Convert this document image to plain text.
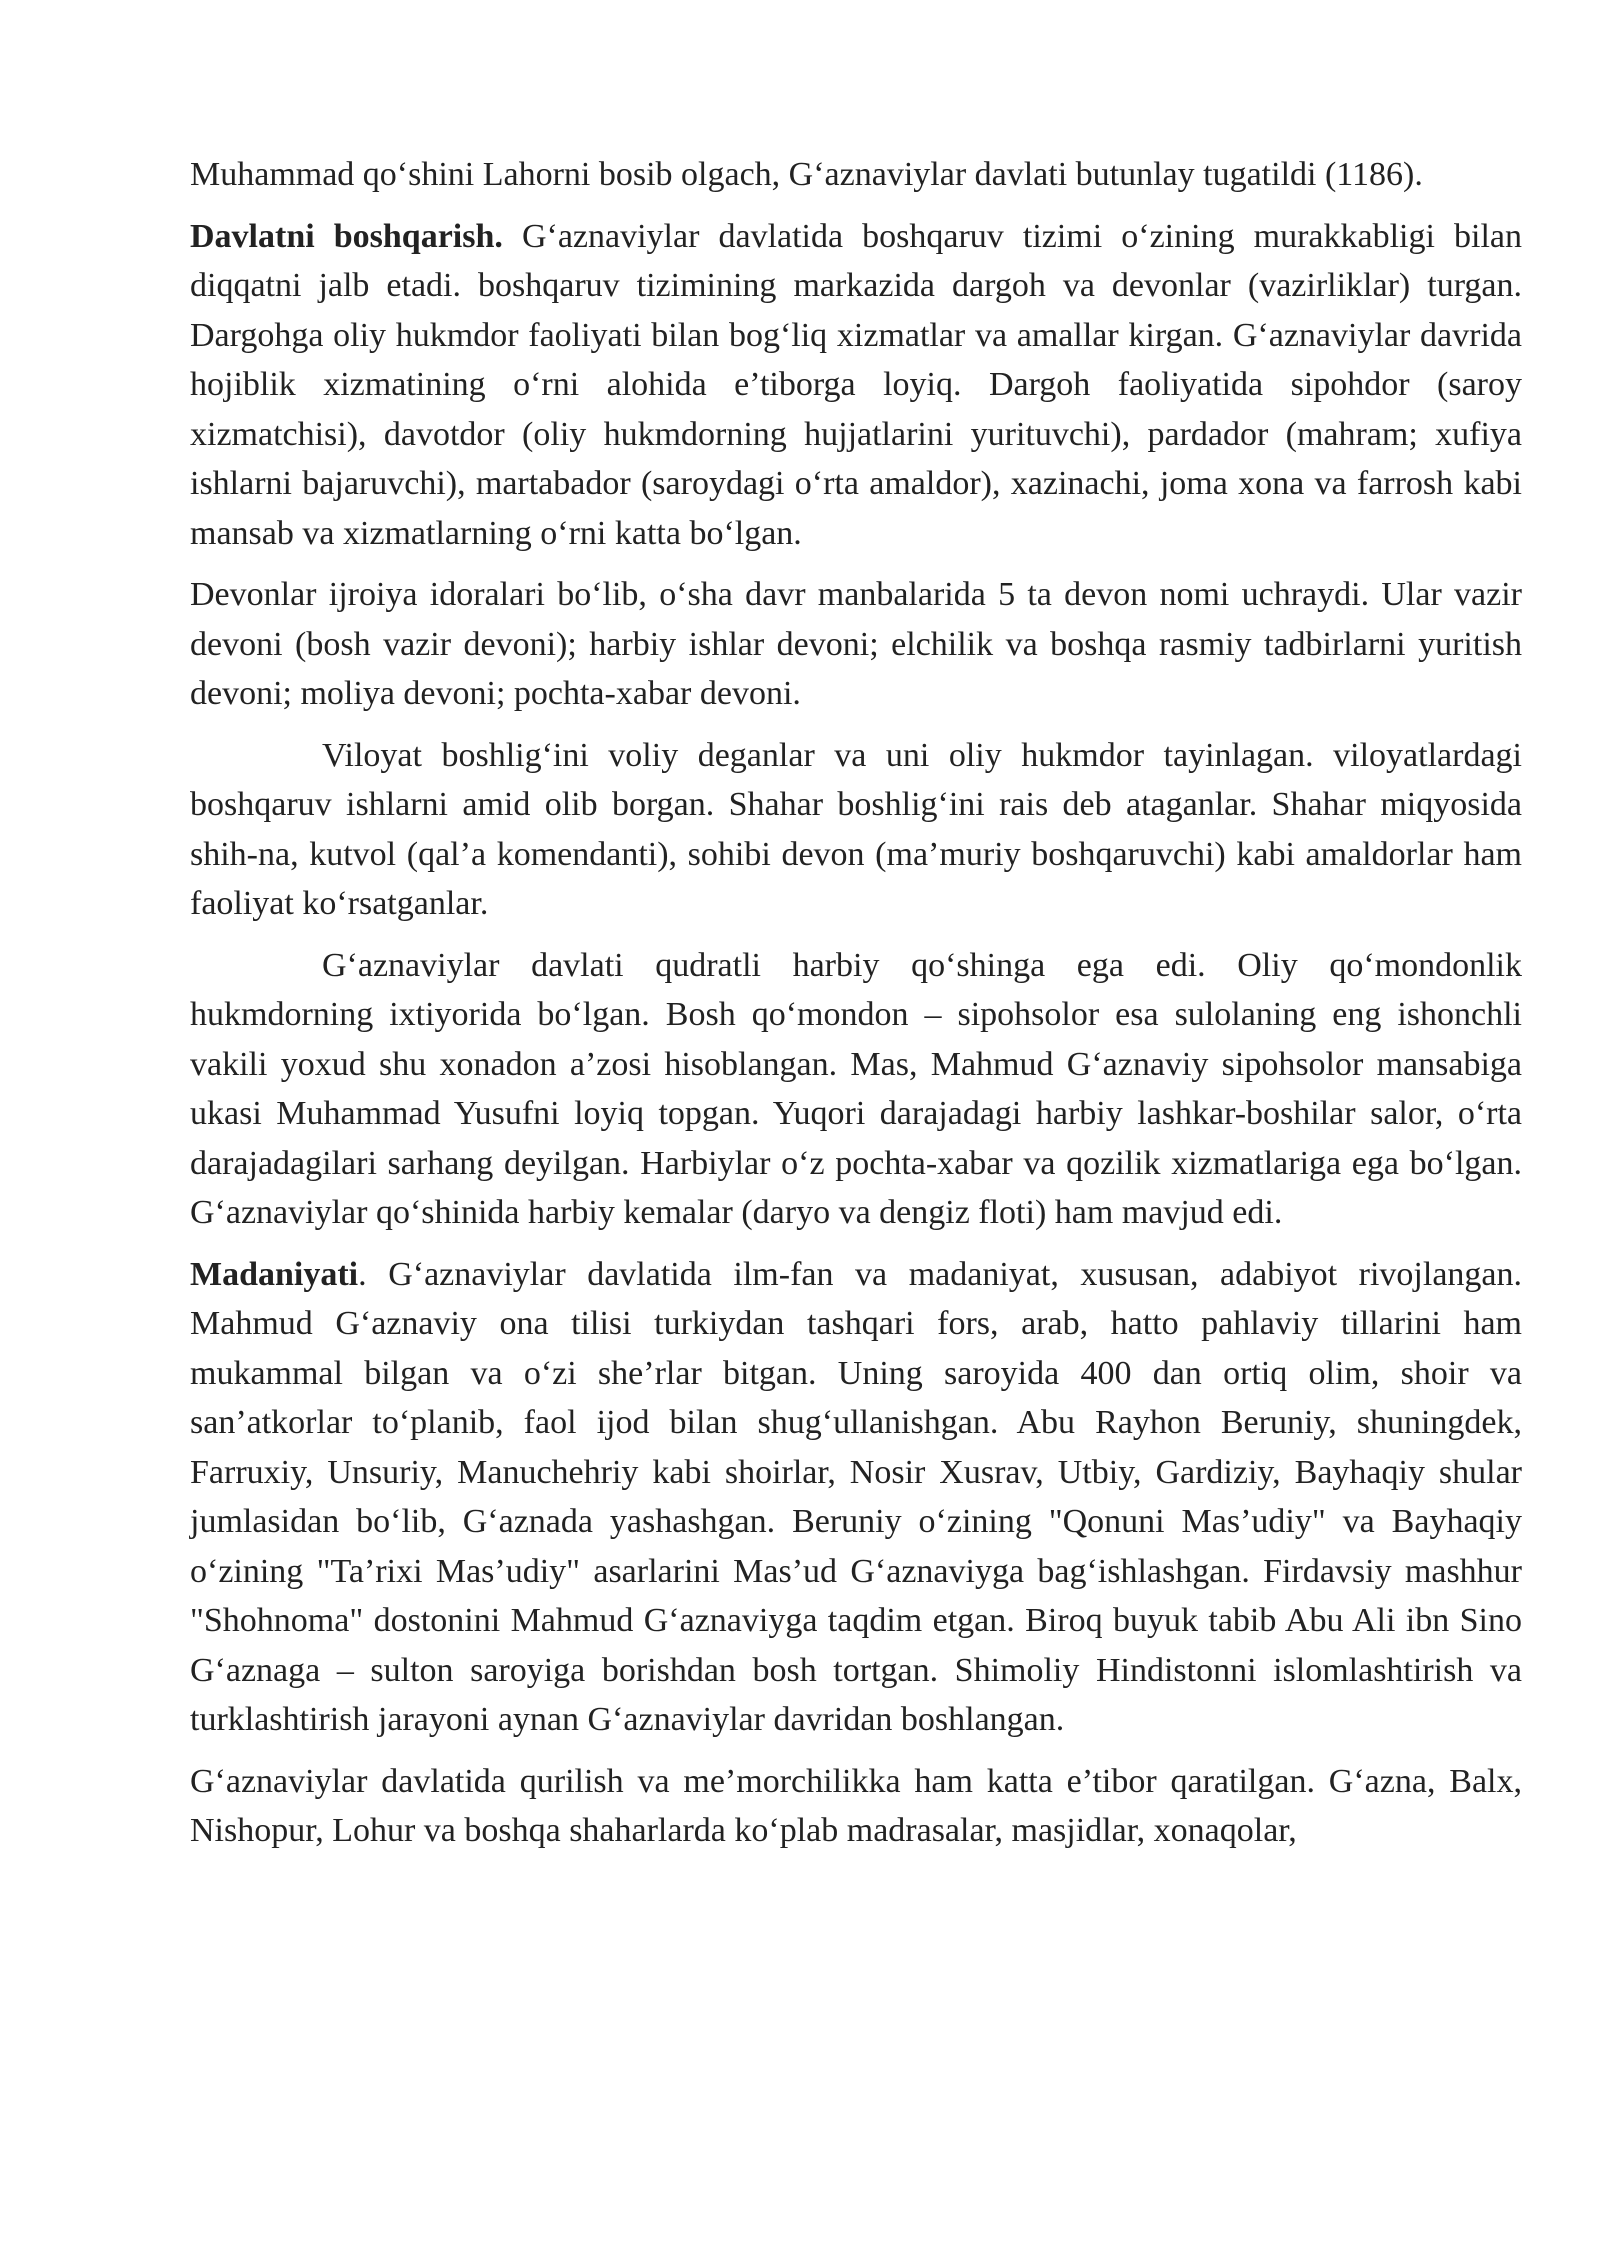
Muhammad qo‘shini Lahorni bosib olgach, G‘aznaviylar davlati butunlay tugatildi (1186).

Davlatni boshqarish. G‘aznaviylar davlatida boshqaruv tizimi o‘zining murakkabligi bilan diqqatni jalb etadi. boshqaruv tizimining markazida dargoh va devonlar (vazirliklar) turgan. Dargohga oliy hukmdor faoliyati bilan bog‘liq xizmatlar va amallar kirgan. G‘aznaviylar davrida hojiblik xizmatining o‘rni alohida e’tiborga loyiq. Dargoh faoliyatida sipohdor (saroy xizmatchisi), davotdor (oliy hukmdorning hujjatlarini yurituvchi), pardador (mahram; xufiya ishlarni bajaruvchi), martabador (saroydagi o‘rta amaldor), xazinachi, joma xona va farrosh kabi mansab va xizmatlarning o‘rni katta bo‘lgan.

Devonlar ijroiya idoralari bo‘lib, o‘sha davr manbalarida 5 ta devon nomi uchraydi. Ular vazir devoni (bosh vazir devoni); harbiy ishlar devoni; elchilik va boshqa rasmiy tadbirlarni yuritish devoni; moliya devoni; pochta-xabar devoni.

Viloyat boshlig‘ini voliy deganlar va uni oliy hukmdor tayinlagan. viloyatlardagi boshqaruv ishlarni amid olib borgan. Shahar boshlig‘ini rais deb ataganlar. Shahar miqyosida shih-na, kutvol (qal’a komendanti), sohibi devon (ma’muriy boshqaruvchi) kabi amaldorlar ham faoliyat ko‘rsatganlar.

G‘aznaviylar davlati qudratli harbiy qo‘shinga ega edi. Oliy qo‘mondonlik hukmdorning ixtiyorida bo‘lgan. Bosh qo‘mondon – sipohsolor esa sulolaning eng ishonchli vakili yoxud shu xonadon a’zosi hisoblangan. Mas, Mahmud G‘aznaviy sipohsolor mansabiga ukasi Muhammad Yusufni loyiq topgan. Yuqori darajadagi harbiy lashkar-boshilar salor, o‘rta darajadagilari sarhang deyilgan. Harbiylar o‘z pochta-xabar va qozilik xizmatlariga ega bo‘lgan. G‘aznaviylar qo‘shinida harbiy kemalar (daryo va dengiz floti) ham mavjud edi.

Madaniyati. G‘aznaviylar davlatida ilm-fan va madaniyat, xususan, adabiyot rivojlangan. Mahmud G‘aznaviy ona tilisi turkiydan tashqari fors, arab, hatto pahlaviy tillarini ham mukammal bilgan va o‘zi she’rlar bitgan. Uning saroyida 400 dan ortiq olim, shoir va san’atkorlar to‘planib, faol ijod bilan shug‘ullanishgan. Abu Rayhon Beruniy, shuningdek, Farruxiy, Unsuriy, Manuchehriy kabi shoirlar, Nosir Xusrav, Utbiy, Gardiziy, Bayhaqiy shular jumlasidan bo‘lib, G‘aznada yashashgan. Beruniy o‘zining "Qonuni Mas’udiy" va Bayhaqiy o‘zining "Ta’rixi Mas’udiy" asarlarini Mas’ud G‘aznaviyga bag‘ishlashgan. Firdavsiy mashhur "Shohnoma" dostonini Mahmud G‘aznaviyga taqdim etgan. Biroq buyuk tabib Abu Ali ibn Sino G‘aznaga – sulton saroyiga borishdan bosh tortgan. Shimoliy Hindistonni islomlashtirish va turklashtirish jarayoni aynan G‘aznaviylar davridan boshlangan.

G‘aznaviylar davlatida qurilish va me’morchilikka ham katta e’tibor qaratilgan. G‘azna, Balx, Nishopur, Lohur va boshqa shaharlarda ko‘plab madrasalar, masjidlar, xonaqolar,
